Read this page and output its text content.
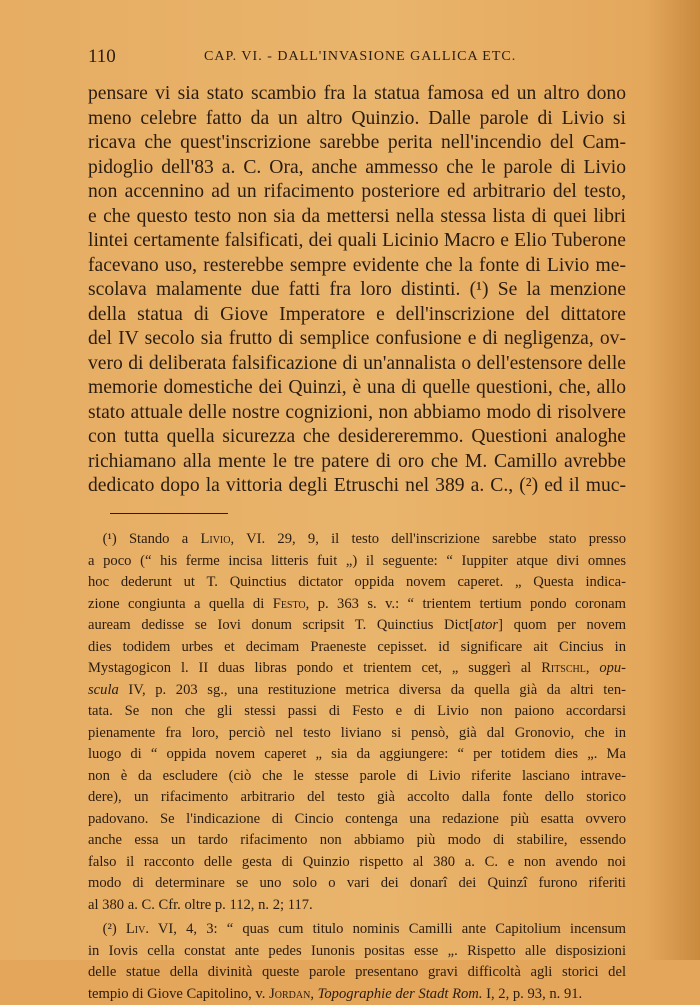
110	CAP. VI. - DALL'INVASIONE GALLICA ETC.
pensare vi sia stato scambio fra la statua famosa ed un altro dono
meno celebre fatto da un altro Quinzio. Dalle parole di Livio si
ricava che quest'inscrizione sarebbe perita nell'incendio del Cam-
pidoglio dell'83 a. C. Ora, anche ammesso che le parole di Livio
non accennino ad un rifacimento posteriore ed arbitrario del testo,
e che questo testo non sia da mettersi nella stessa lista di quei libri
lintei certamente falsificati, dei quali Licinio Macro e Elio Tuberone
facevano uso, resterebbe sempre evidente che la fonte di Livio me-
scolava malamente due fatti fra loro distinti. (¹) Se la menzione
della statua di Giove Imperatore e dell'inscrizione del dittatore
del IV secolo sia frutto di semplice confusione e di negligenza, ov-
vero di deliberata falsificazione di un'annalista o dell'estensore delle
memorie domestiche dei Quinzi, è una di quelle questioni, che, allo
stato attuale delle nostre cognizioni, non abbiamo modo di risolvere
con tutta quella sicurezza che desidereremmo. Questioni analoghe
richiamano alla mente le tre patere di oro che M. Camillo avrebbe
dedicato dopo la vittoria degli Etruschi nel 389 a. C., (²) ed il muc-
 (¹) Stando a Livio, VI. 29, 9, il testo dell'inscrizione sarebbe stato presso
a poco (“ his ferme incisa litteris fuit „) il seguente: “ Iuppiter atque divi omnes
hoc dederunt ut T. Quinctius dictator oppida novem caperet. „ Questa indica-
zione congiunta a quella di Festo, p. 363 s. v.: “ trientem tertium pondo coronam
auream dedisse se Iovi donum scripsit T. Quinctius Dict[ator] quom per novem
dies todidem urbes et decimam Praeneste cepisset. id significare ait Cincius in
Mystagogicon l. II duas libras pondo et trientem cet, „ suggerì al Ritschl, opu-
scula IV, p. 203 sg., una restituzione metrica diversa da quella già da altri ten-
tata. Se non che gli stessi passi di Festo e di Livio non paiono accordarsi
pienamente fra loro, perciò nel testo liviano si pensò, già dal Gronovio, che in
luogo di “ oppida novem caperet „ sia da aggiungere: “ per totidem dies „. Ma
non è da escludere (ciò che le stesse parole di Livio riferite lasciano intrave-
dere), un rifacimento arbitrario del testo già accolto dalla fonte dello storico
padovano. Se l'indicazione di Cincio contenga una redazione più esatta ovvero
anche essa un tardo rifacimento non abbiamo più modo di stabilire, essendo
falso il racconto delle gesta di Quinzio rispetto al 380 a. C. e non avendo noi
modo di determinare se uno solo o vari dei donarî dei Quinzî furono riferiti
al 380 a. C. Cfr. oltre p. 112, n. 2; 117.
 (²) Liv. VI, 4, 3: “ quas cum titulo nominis Camilli ante Capitolium incensum
in Iovis cella constat ante pedes Iunonis positas esse „. Rispetto alle disposizioni
delle statue della divinità queste parole presentano gravi difficoltà agli storici del
tempio di Giove Capitolino, v. Jordan, Topographie der Stadt Rom. I, 2, p. 93, n. 91.
